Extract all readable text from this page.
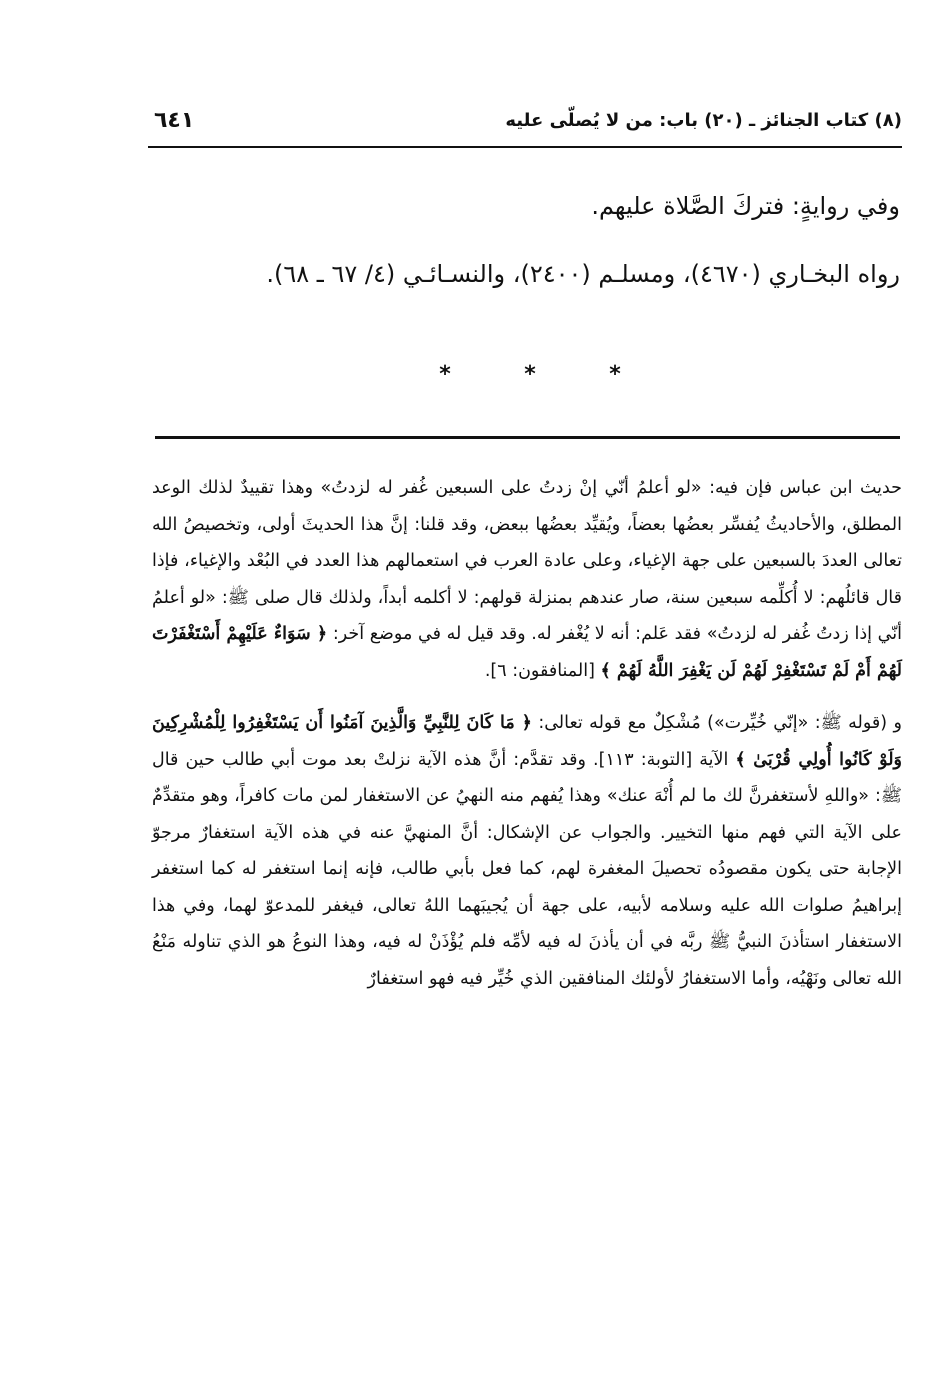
(٨) كتاب الجنائز ـ (٢٠) باب: من لا يُصلّى عليه
٦٤١

وفي روايةٍ: فتركَ الصَّلاة عليهم.

رواه البخـاري (٤٦٧٠)، ومسلـم (٢٤٠٠)، والنسـائـي (٤/ ٦٧ ـ ٦٨).

*	*	*

حديث ابن عباس فإن فيه: «لو أعلمُ أنّي إنْ زدتُ على السبعين غُفر له لزدتُ» وهذا تقييدٌ لذلك الوعد المطلق، والأحاديثُ يُفسِّر بعضُها بعضاً، ويُقيِّد بعضُها ببعض، وقد قلنا: إنَّ هذا الحديثَ أولى، وتخصيصُ الله تعالى العددَ بالسبعين على جهة الإغياء، وعلى عادة العرب في استعمالهم هذا العدد في البُعْد والإغياء، فإذا قال قائلُهم: لا أُكلِّمه سبعين سنة، صار عندهم بمنزلة قولهم: لا أكلمه أبداً، ولذلك قال صلى ﷺ: «لو أعلمُ أنّي إذا زدتُ غُفر له لزدتُ» فقد عَلم: أنه لا يُغْفر له. وقد قيل له في موضع آخر: ﴿ سَوَاءٌ عَلَيْهِمْ أَسْتَغْفَرْتَ لَهُمْ أَمْ لَمْ تَسْتَغْفِرْ لَهُمْ لَن يَغْفِرَ اللَّهُ لَهُمْ ﴾ [المنافقون: ٦].

و (قوله ﷺ: «إنّي خُيِّرت») مُشْكِلٌ مع قوله تعالى: ﴿ مَا كَانَ لِلنَّبِيِّ وَالَّذِينَ آمَنُوا أَن يَسْتَغْفِرُوا لِلْمُشْرِكِينَ وَلَوْ كَانُوا أُولِي قُرْبَىٰ ﴾ الآية [التوبة: ١١٣]. وقد تقدَّم: أنَّ هذه الآية نزلتْ بعد موت أبي طالب حين قال ﷺ: «واللهِ لأستغفرنَّ لك ما لم أُنْهَ عنك» وهذا يُفهم منه النهيُ عن الاستغفار لمن مات كافراً، وهو متقدِّمٌ على الآية التي فهم منها التخيير. والجواب عن الإشكال: أنَّ المنهيَّ عنه في هذه الآية استغفارٌ مرجوّ الإجابة حتى يكون مقصودُه تحصيلَ المغفرة لهم، كما فعل بأبي طالب، فإنه إنما استغفر له كما استغفر إبراهيمُ صلوات الله عليه وسلامه لأبيه، على جهة أن يُجيبَهما اللهُ تعالى، فيغفر للمدعوّ لهما، وفي هذا الاستغفار استأذنَ النبيُّ ﷺ ربَّه في أن يأذنَ له فيه لأمِّه فلم يُؤْذَنْ له فيه، وهذا النوعُ هو الذي تناوله مَنْعُ الله تعالى ونَهْيُه، وأما الاستغفارُ لأولئك المنافقين الذي خُيِّر فيه فهو استغفارٌ
